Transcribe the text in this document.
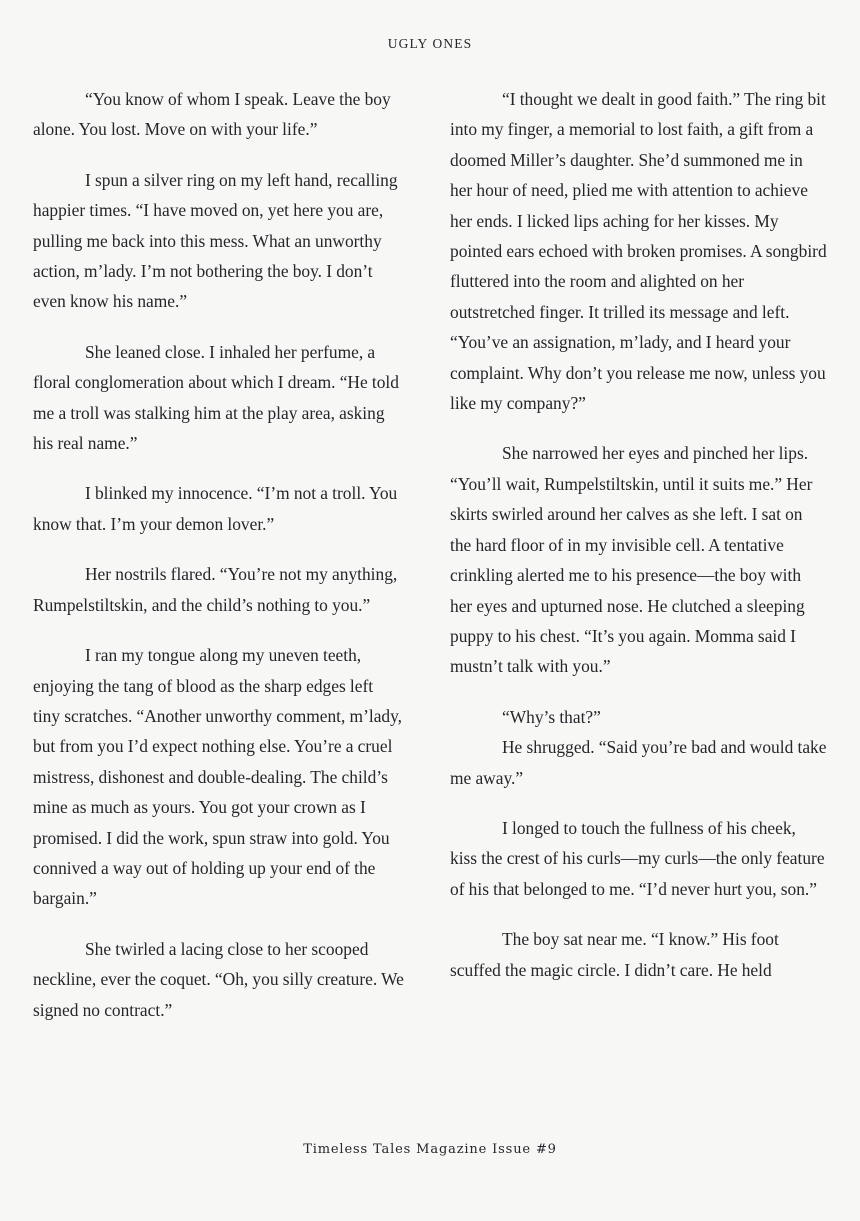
UGLY ONES

“You know of whom I speak. Leave the boy alone. You lost. Move on with your life.”

I spun a silver ring on my left hand, recalling happier times. “I have moved on, yet here you are, pulling me back into this mess. What an unworthy action, m’lady. I’m not bothering the boy. I don’t even know his name.”

She leaned close. I inhaled her perfume, a floral conglomeration about which I dream. “He told me a troll was stalking him at the play area, asking his real name.”

I blinked my innocence. “I’m not a troll. You know that. I’m your demon lover.”

Her nostrils flared. “You’re not my anything, Rumpelstiltskin, and the child’s nothing to you.”

I ran my tongue along my uneven teeth, enjoying the tang of blood as the sharp edges left tiny scratches. “Another unworthy comment, m’lady, but from you I’d expect nothing else. You’re a cruel mistress, dishonest and double-dealing. The child’s mine as much as yours. You got your crown as I promised. I did the work, spun straw into gold. You connived a way out of holding up your end of the bargain.”

She twirled a lacing close to her scooped neckline, ever the coquet. “Oh, you silly creature. We signed no contract.”

“I thought we dealt in good faith.” The ring bit into my finger, a memorial to lost faith, a gift from a doomed Miller’s daughter. She’d summoned me in her hour of need, plied me with attention to achieve her ends. I licked lips aching for her kisses. My pointed ears echoed with broken promises. A songbird fluttered into the room and alighted on her outstretched finger. It trilled its message and left. “You’ve an assignation, m’lady, and I heard your complaint. Why don’t you release me now, unless you like my company?”

She narrowed her eyes and pinched her lips. “You’ll wait, Rumpelstiltskin, until it suits me.” Her skirts swirled around her calves as she left. I sat on the hard floor of in my invisible cell. A tentative crinkling alerted me to his presence—the boy with her eyes and upturned nose. He clutched a sleeping puppy to his chest. “It’s you again. Momma said I mustn’t talk with you.”

“Why’s that?”

He shrugged. “Said you’re bad and would take me away.”

I longed to touch the fullness of his cheek, kiss the crest of his curls—my curls—the only feature of his that belonged to me. “I’d never hurt you, son.”

The boy sat near me. “I know.” His foot scuffed the magic circle. I didn’t care. He held

Timeless Tales Magazine Issue #9
